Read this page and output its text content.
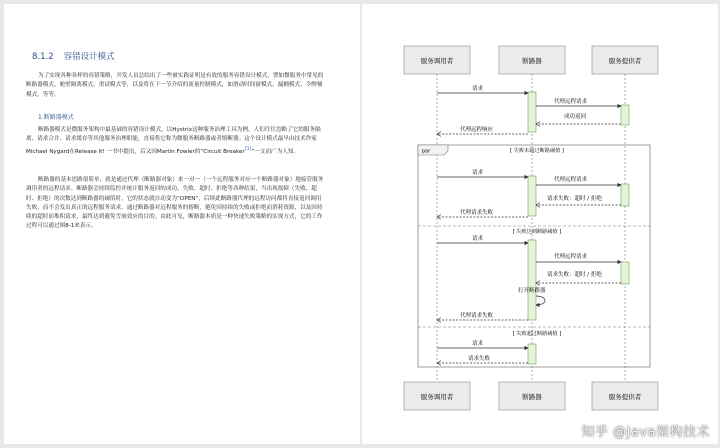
8.1.2 容错设计模式

为了实现各种各样的容错策略，开发人员总结出了一些被实践证明是有效的服务容错设计模式，譬如微服务中常见的断路器模式、舱壁隔离模式，重试模式等，以及将在下一节介绍的流量控制模式，如滑动时间窗模式、漏桶模式、令牌桶模式，等等。

1.断路器模式

断路器模式是微服务架构中最基础的容错设计模式，以Hystrix这种服务治理工具为例，人们往往忽略了它的服务隔离、请求合并、请求缓存等其他服务治理职能，直接将它称为微服务断路器或者熔断器。这个设计模式最早由技术作家Michael Nygard在Release It! 一书中提出，后又因Martin Fowler的“Circuit Breaker[1]”一文而广为人知。

断路器的基本思路很简单，就是通过代理（断路器对象）来一对一（一个远程服务对应一个断路器对象）地接管服务调用者的远程请求。断路器会持续监控并统计服务返回的成功、失败、超时、拒绝等各种结果，当出现故障（失败、超时、拒绝）的次数达到断路器的阈值时，它的状态就自动变为“OPEN”，后续此断路器代理的远程访问都将直接返回调用失败，而不会发出真正的远程服务请求。通过断路器对远程服务的熔断，避免因持续的失败或拒绝而消耗资源，以及因持续的超时而堆积请求，最终达到避免雪崩效应的目的。由此可见，断路器本质是一种快速失败策略的实现方式，它的工作过程可以通过图8-1来表示。

服务调用者	断路器	服务提供者
请求
代理远程请求
成功返回
代理远程响应
par	[ 失败未超过断路阈值 ]
[ 失败达到断路阈值 ]
[ 失败超过断路阈值 ]
请求
代理远程请求
请求失败：超时 / 拒绝
代理请求失败
请求
代理远程请求
请求失败：超时 / 拒绝
打开断路器
代理请求失败
请求
请求失败
服务调用者	断路器	服务提供者
知乎 @Java架构技术
